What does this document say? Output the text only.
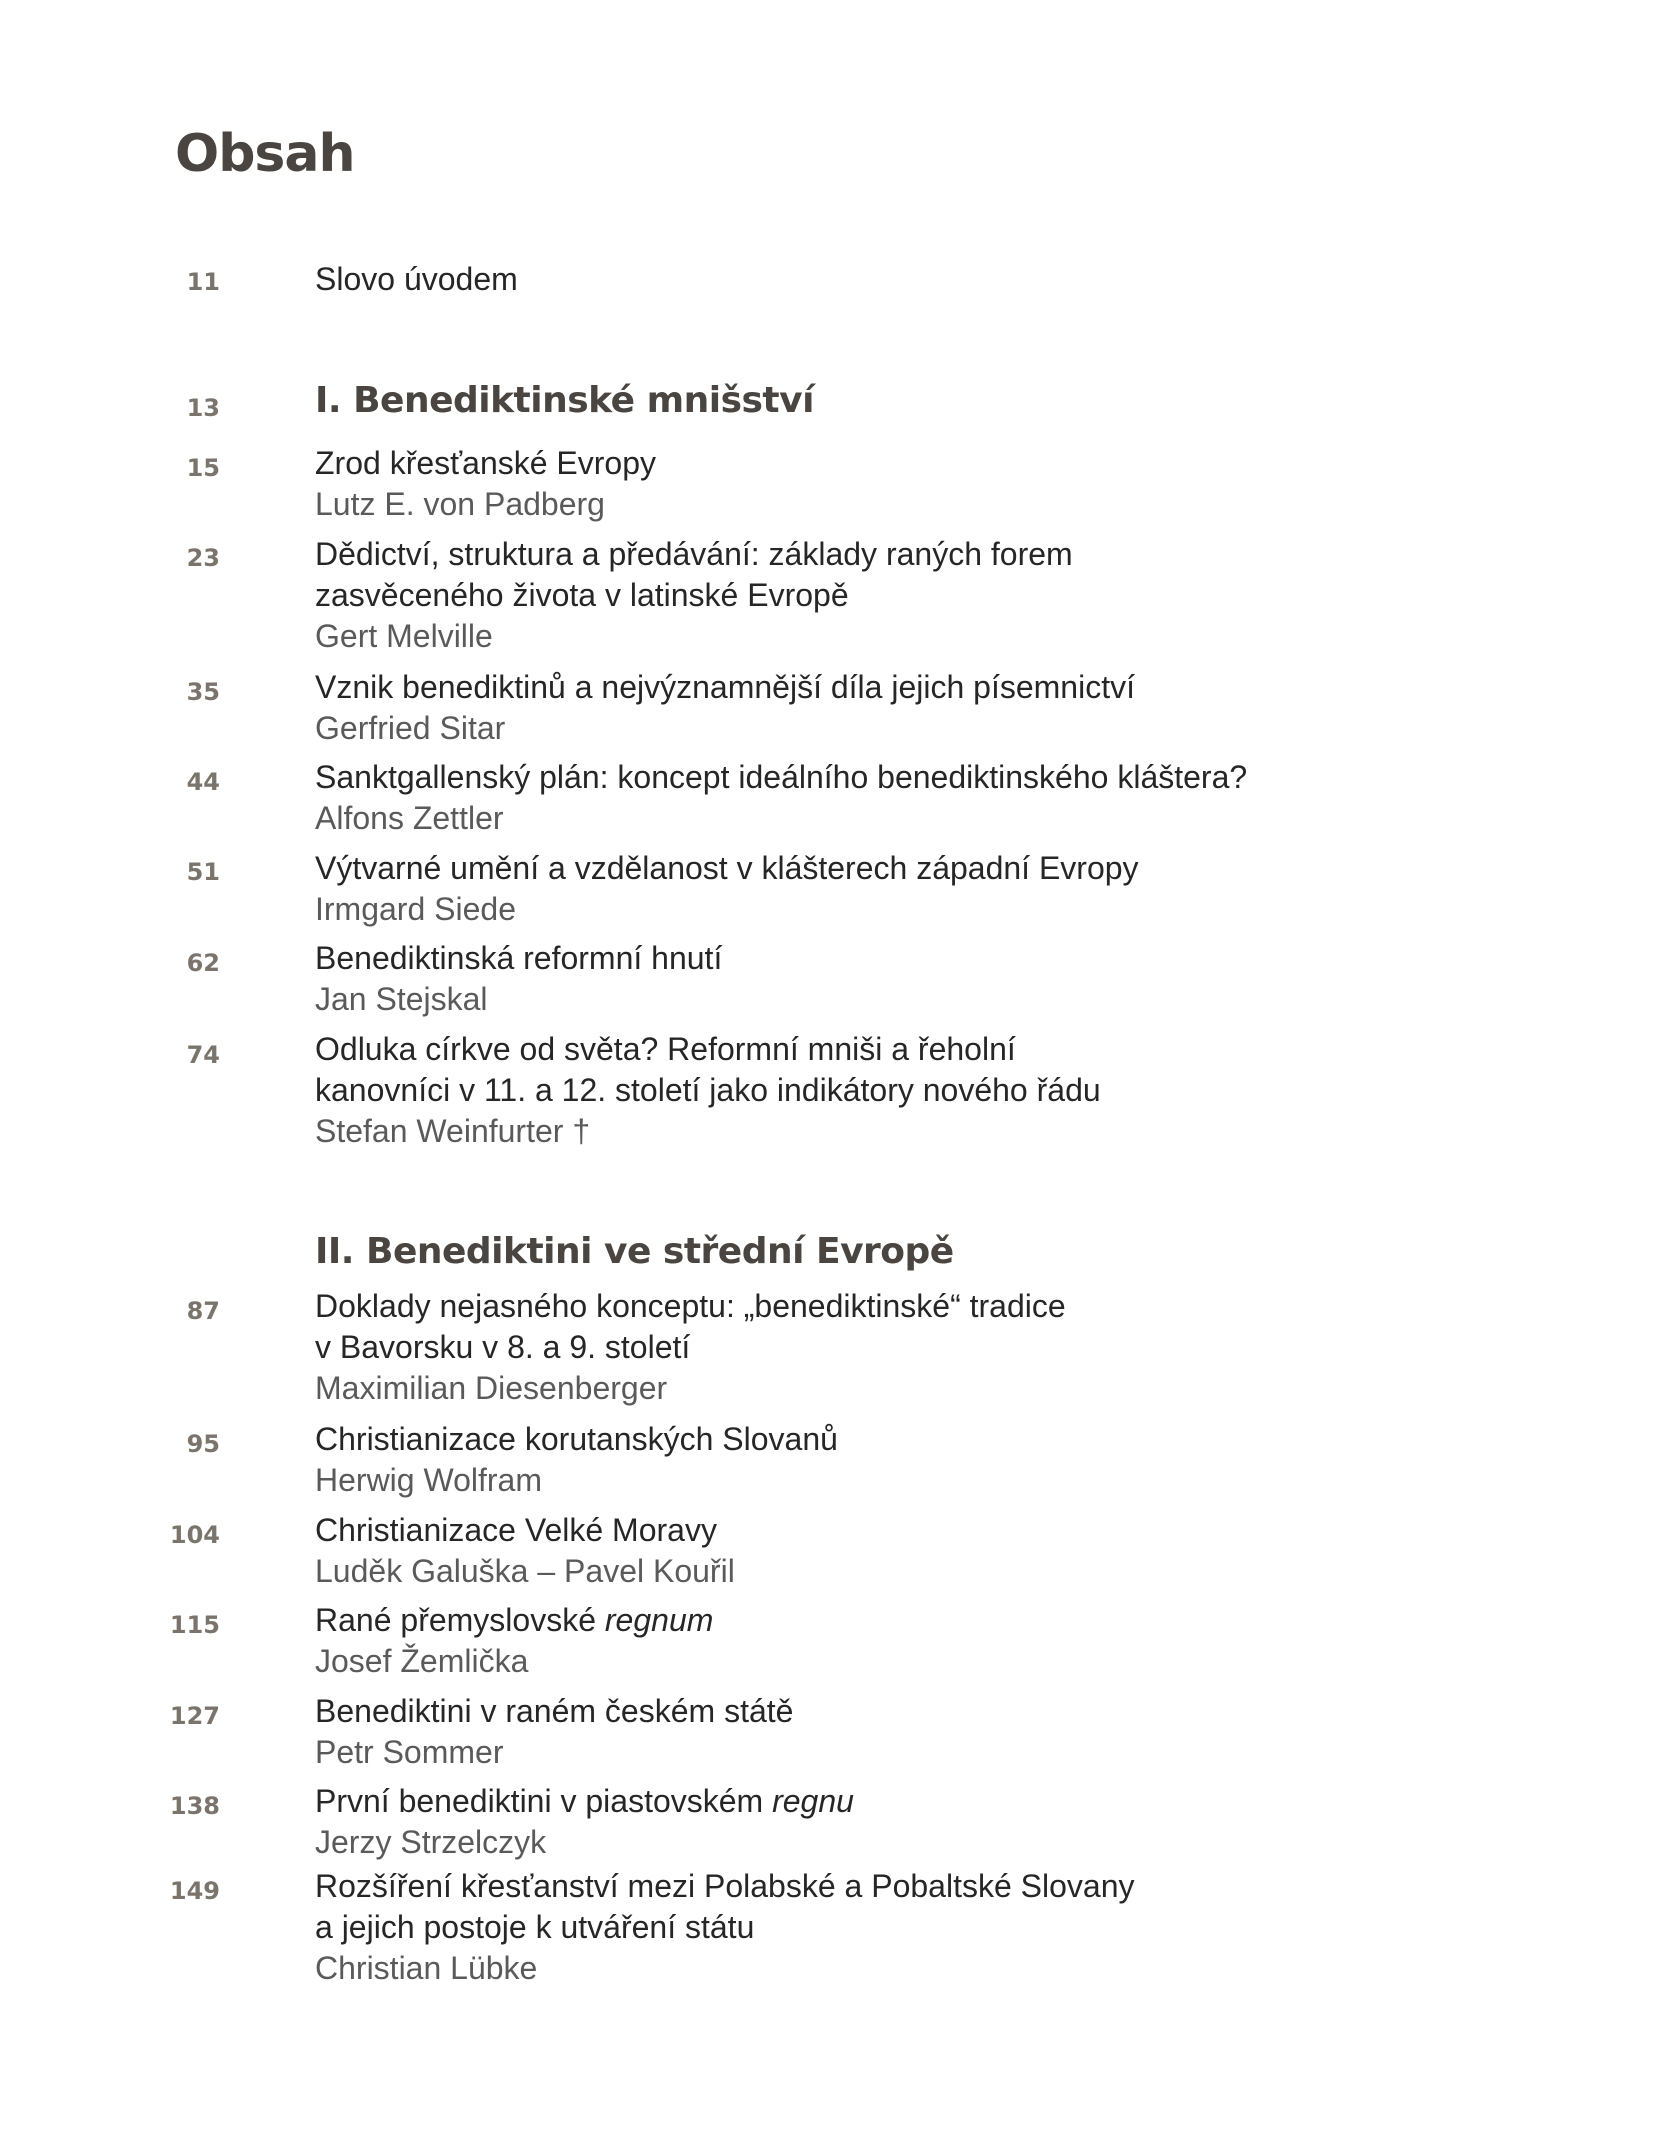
Obsah
11	Slovo úvodem
13	I. Benediktinské mnišství
15	Zrod křesťanské Evropy
Lutz E. von Padberg
23	Dědictví, struktura a předávání: základy raných forem
zasvěceného života v latinské Evropě
Gert Melville
35	Vznik benediktinů a nejvýznamnější díla jejich písemnictví
Gerfried Sitar
44	Sanktgallenský plán: koncept ideálního benediktinského kláštera?
Alfons Zettler
51	Výtvarné umění a vzdělanost v klášterech západní Evropy
Irmgard Siede
62	Benediktinská reformní hnutí
Jan Stejskal
74	Odluka církve od světa? Reformní mniši a řeholní
kanovníci v 11. a 12. století jako indikátory nového řádu
Stefan Weinfurter †
II. Benediktini ve střední Evropě
87	Doklady nejasného konceptu: „benediktinské“ tradice
v Bavorsku v 8. a 9. století
Maximilian Diesenberger
95	Christianizace korutanských Slovanů
Herwig Wolfram
104	Christianizace Velké Moravy
Luděk Galuška – Pavel Kouřil
115	Rané přemyslovské regnum
Josef Žemlička
127	Benediktini v raném českém státě
Petr Sommer
138	První benediktini v piastovském regnu
Jerzy Strzelczyk
149	Rozšíření křesťanství mezi Polabské a Pobaltské Slovany
a jejich postoje k utváření státu
Christian Lübke
